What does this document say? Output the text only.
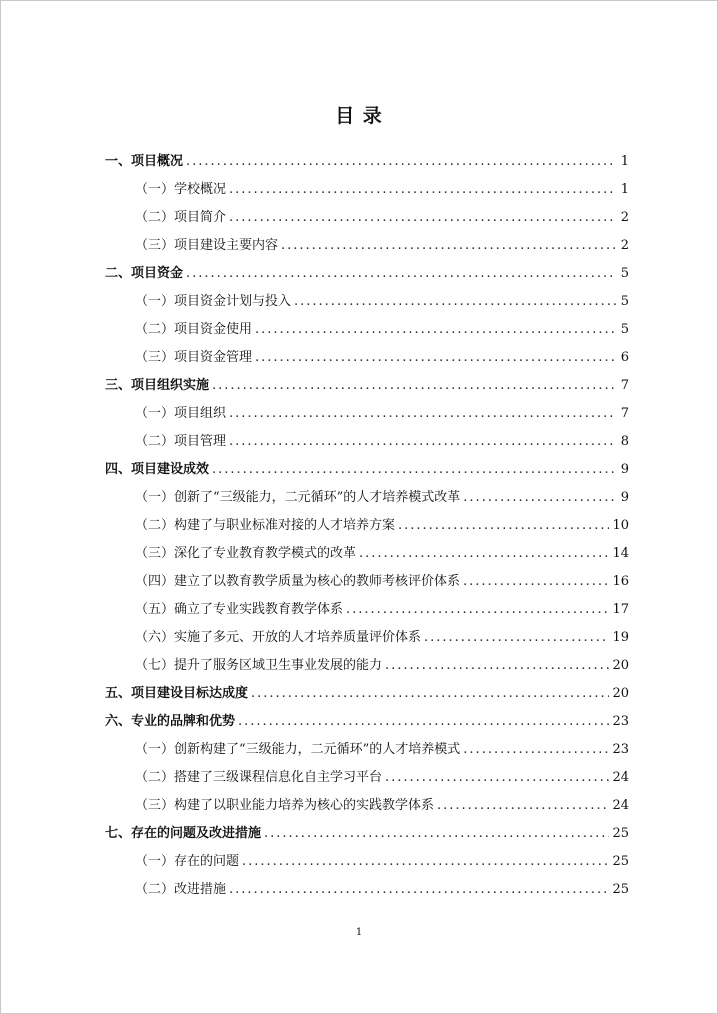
目 录
一、项目概况 .....	1
（一）学校概况 .....	1
（二）项目简介 .....	2
（三）项目建设主要内容 .....	2
二、项目资金 .....	5
（一）项目资金计划与投入 .....	5
（二）项目资金使用 .....	5
（三）项目资金管理 .....	6
三、项目组织实施 .....	7
（一）项目组织 .....	7
（二）项目管理 .....	8
四、项目建设成效 .....	9
（一）创新了“三级能力，二元循环”的人才培养模式改革 .....	9
（二）构建了与职业标准对接的人才培养方案 .....	10
（三）深化了专业教育教学模式的改革 .....	14
（四）建立了以教育教学质量为核心的教师考核评价体系 .....	16
（五）确立了专业实践教育教学体系 .....	17
（六）实施了多元、开放的人才培养质量评价体系 .....	19
（七）提升了服务区域卫生事业发展的能力 .....	20
五、项目建设目标达成度 .....	20
六、专业的品牌和优势 .....	23
（一）创新构建了“三级能力，二元循环”的人才培养模式 .....	23
（二）搭建了三级课程信息化自主学习平台 .....	24
（三）构建了以职业能力培养为核心的实践教学体系 .....	24
七、存在的问题及改进措施 .....	25
（一）存在的问题 .....	25
（二）改进措施 .....	25
1
